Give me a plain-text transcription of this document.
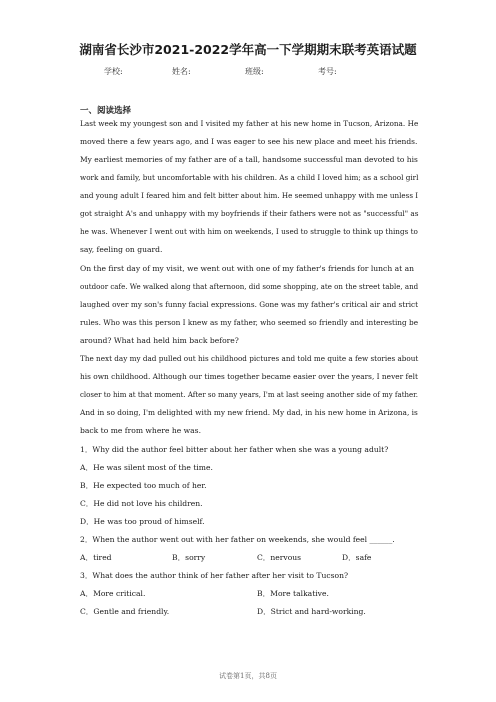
湖南省长沙市2021-2022学年高一下学期期末联考英语试题
学校:	姓名:	班级:	考号:
一、阅读选择
Last week my youngest son and I visited my father at his new home in Tucson, Arizona. He
moved there a few years ago, and I was eager to see his new place and meet his friends.
My earliest memories of my father are of a tall, handsome successful man devoted to his
work and family, but uncomfortable with his children. As a child I loved him; as a school girl
and young adult I feared him and felt bitter about him. He seemed unhappy with me unless I
got straight A's and unhappy with my boyfriends if their fathers were not as "successful" as
he was. Whenever I went out with him on weekends, I used to struggle to think up things to
say, feeling on guard.
On the first day of my visit, we went out with one of my father's friends for lunch at an
outdoor cafe. We walked along that afternoon, did some shopping, ate on the street table, and
laughed over my son's funny facial expressions. Gone was my father's critical air and strict
rules. Who was this person I knew as my father, who seemed so friendly and interesting be
around? What had held him back before?
The next day my dad pulled out his childhood pictures and told me quite a few stories about
his own childhood. Although our times together became easier over the years, I never felt
closer to him at that moment. After so many years, I'm at last seeing another side of my father.
And in so doing, I'm delighted with my new friend. My dad, in his new home in Arizona, is
back to me from where he was.
1．Why did the author feel bitter about her father when she was a young adult?
A．He was silent most of the time.
B．He expected too much of her.
C．He did not love his children.
D．He was too proud of himself.
2．When the author went out with her father on weekends, she would feel ______.
A．tired	B．sorry	C．nervous	D．safe
3．What does the author think of her father after her visit to Tucson?
A．More critical.	B．More talkative.
C．Gentle and friendly.	D．Strict and hard-working.
试卷第1页，共8页
